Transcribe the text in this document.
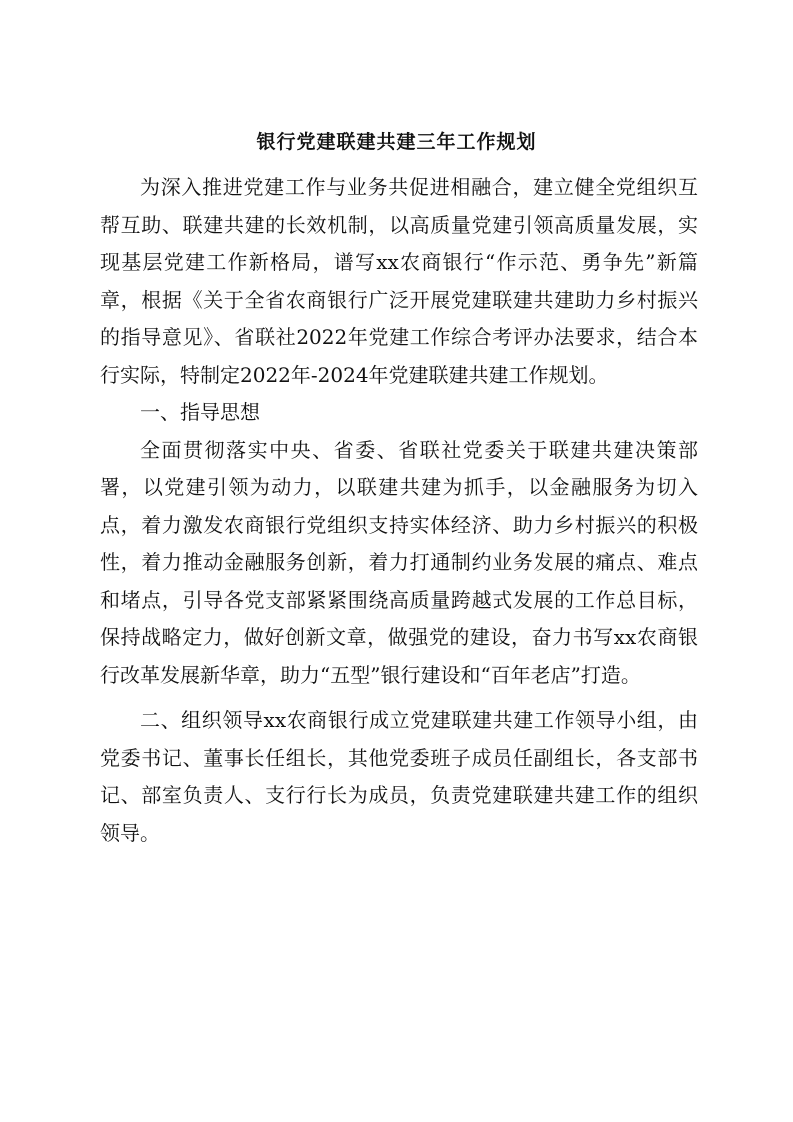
银行党建联建共建三年工作规划

为深入推进党建工作与业务共促进相融合，建立健全党组织互帮互助、联建共建的长效机制，以高质量党建引领高质量发展，实现基层党建工作新格局，谱写xx农商银行“作示范、勇争先”新篇章，根据《关于全省农商银行广泛开展党建联建共建助力乡村振兴的指导意见》、省联社2022年党建工作综合考评办法要求，结合本行实际，特制定2022年-2024年党建联建共建工作规划。

一、指导思想

全面贯彻落实中央、省委、省联社党委关于联建共建决策部署，以党建引领为动力，以联建共建为抓手，以金融服务为切入点，着力激发农商银行党组织支持实体经济、助力乡村振兴的积极性，着力推动金融服务创新，着力打通制约业务发展的痛点、难点和堵点，引导各党支部紧紧围绕高质量跨越式发展的工作总目标，保持战略定力，做好创新文章，做强党的建设，奋力书写xx农商银行改革发展新华章，助力“五型”银行建设和“百年老店”打造。

二、组织领导xx农商银行成立党建联建共建工作领导小组，由党委书记、董事长任组长，其他党委班子成员任副组长，各支部书记、部室负责人、支行行长为成员，负责党建联建共建工作的组织领导。
